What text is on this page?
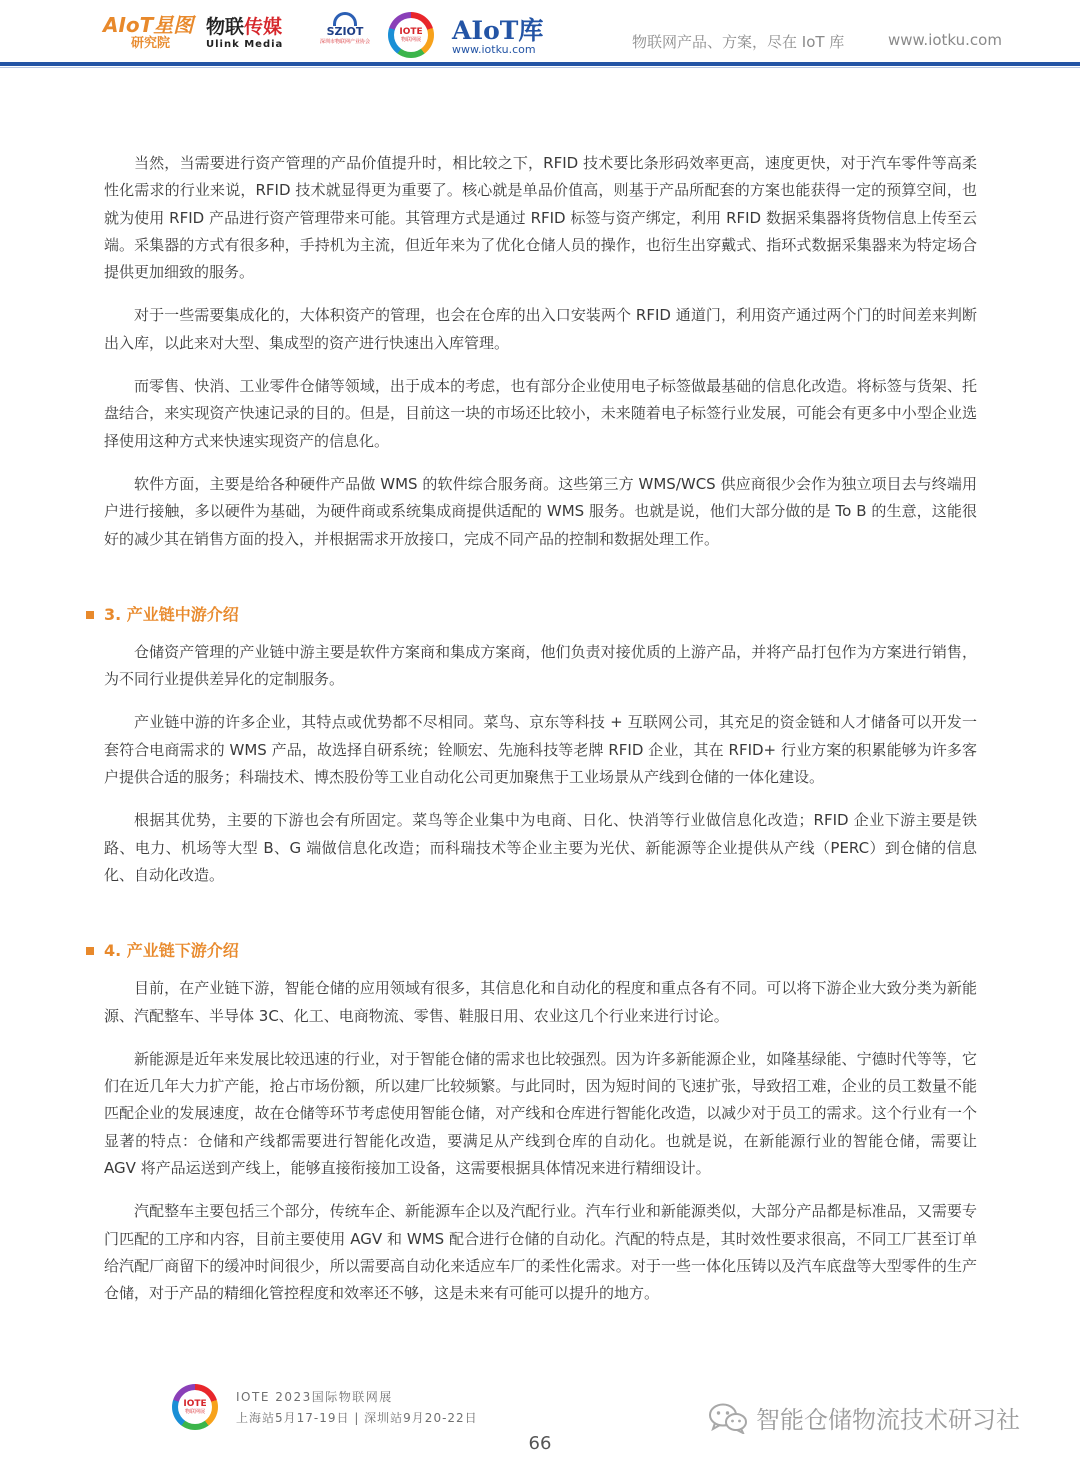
AIoT星图
研究院
物联传媒
Ulink Media
SZIOT
深圳市物联网产业协会
IOTE
物联网展 AIoT库
www.iotku.com	物联网产品、方案，尽在 IoT 库	www.iotku.com

当然，当需要进行资产管理的产品价值提升时，相比较之下，RFID 技术要比条形码效率更高，速度更快，对于汽车零件等高柔性化需求的行业来说，RFID 技术就显得更为重要了。核心就是单品价值高，则基于产品所配套的方案也能获得一定的预算空间，也就为使用 RFID 产品进行资产管理带来可能。其管理方式是通过 RFID 标签与资产绑定，利用 RFID 数据采集器将货物信息上传至云端。采集器的方式有很多种，手持机为主流，但近年来为了优化仓储人员的操作，也衍生出穿戴式、指环式数据采集器来为特定场合提供更加细致的服务。

对于一些需要集成化的，大体积资产的管理，也会在仓库的出入口安装两个 RFID 通道门，利用资产通过两个门的时间差来判断出入库，以此来对大型、集成型的资产进行快速出入库管理。

而零售、快消、工业零件仓储等领域，出于成本的考虑，也有部分企业使用电子标签做最基础的信息化改造。将标签与货架、托盘结合，来实现资产快速记录的目的。但是，目前这一块的市场还比较小，未来随着电子标签行业发展，可能会有更多中小型企业选择使用这种方式来快速实现资产的信息化。

软件方面，主要是给各种硬件产品做 WMS 的软件综合服务商。这些第三方 WMS/WCS 供应商很少会作为独立项目去与终端用户进行接触，多以硬件为基础，为硬件商或系统集成商提供适配的 WMS 服务。也就是说，他们大部分做的是 To B 的生意，这能很好的减少其在销售方面的投入，并根据需求开放接口，完成不同产品的控制和数据处理工作。

3. 产业链中游介绍

仓储资产管理的产业链中游主要是软件方案商和集成方案商，他们负责对接优质的上游产品，并将产品打包作为方案进行销售，为不同行业提供差异化的定制服务。

产业链中游的许多企业，其特点或优势都不尽相同。菜鸟、京东等科技 + 互联网公司，其充足的资金链和人才储备可以开发一套符合电商需求的 WMS 产品，故选择自研系统；铨顺宏、先施科技等老牌 RFID 企业，其在 RFID+ 行业方案的积累能够为许多客户提供合适的服务；科瑞技术、博杰股份等工业自动化公司更加聚焦于工业场景从产线到仓储的一体化建设。

根据其优势，主要的下游也会有所固定。菜鸟等企业集中为电商、日化、快消等行业做信息化改造；RFID 企业下游主要是铁路、电力、机场等大型 B、G 端做信息化改造；而科瑞技术等企业主要为光伏、新能源等企业提供从产线（PERC）到仓储的信息化、自动化改造。

4. 产业链下游介绍

目前，在产业链下游，智能仓储的应用领域有很多，其信息化和自动化的程度和重点各有不同。可以将下游企业大致分类为新能源、汽配整车、半导体 3C、化工、电商物流、零售、鞋服日用、农业这几个行业来进行讨论。

新能源是近年来发展比较迅速的行业，对于智能仓储的需求也比较强烈。因为许多新能源企业，如隆基绿能、宁德时代等等，它们在近几年大力扩产能，抢占市场份额，所以建厂比较频繁。与此同时，因为短时间的飞速扩张，导致招工难，企业的员工数量不能匹配企业的发展速度，故在仓储等环节考虑使用智能仓储，对产线和仓库进行智能化改造，以减少对于员工的需求。这个行业有一个显著的特点：仓储和产线都需要进行智能化改造，要满足从产线到仓库的自动化。也就是说，在新能源行业的智能仓储，需要让 AGV 将产品运送到产线上，能够直接衔接加工设备，这需要根据具体情况来进行精细设计。

汽配整车主要包括三个部分，传统车企、新能源车企以及汽配行业。汽车行业和新能源类似，大部分产品都是标准品，又需要专门匹配的工序和内容，目前主要使用 AGV 和 WMS 配合进行仓储的自动化。汽配的特点是，其时效性要求很高，不同工厂甚至订单给汽配厂商留下的缓冲时间很少，所以需要高自动化来适应车厂的柔性化需求。对于一些一体化压铸以及汽车底盘等大型零件的生产仓储，对于产品的精细化管控程度和效率还不够，这是未来有可能可以提升的地方。

IOTE
物联网展
IOTE 2023国际物联网展
上海站5月17-19日 | 深圳站9月20-22日
66
智能仓储物流技术研习社
